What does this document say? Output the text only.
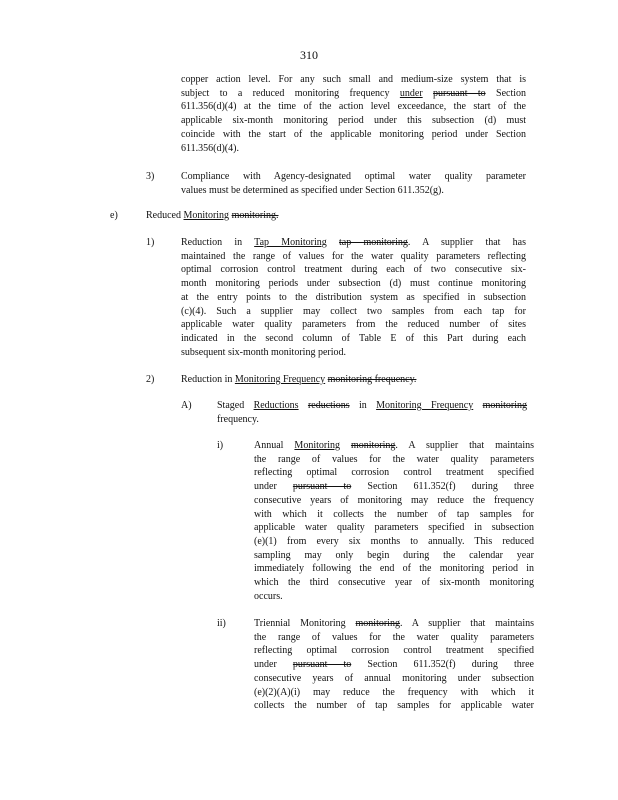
310
copper action level. For any such small and medium-size system that is
subject to a reduced monitoring frequency under pursuant to Section
611.356(d)(4) at the time of the action level exceedance, the start of the
applicable six-month monitoring period under this subsection (d) must
coincide with the start of the applicable monitoring period under Section
611.356(d)(4).
3)	Compliance with Agency-designated optimal water quality parameter
values must be determined as specified under Section 611.352(g).
e)	Reduced Monitoring monitoring.
1)	Reduction in Tap Monitoring tap monitoring. A supplier that has
maintained the range of values for the water quality parameters reflecting
optimal corrosion control treatment during each of two consecutive six-
month monitoring periods under subsection (d) must continue monitoring
at the entry points to the distribution system as specified in subsection
(c)(4). Such a supplier may collect two samples from each tap for
applicable water quality parameters from the reduced number of sites
indicated in the second column of Table E of this Part during each
subsequent six-month monitoring period.
2)	Reduction in Monitoring Frequency monitoring frequency.
A)	Staged Reductions reductions in Monitoring Frequency monitoring
frequency.
i)	Annual Monitoring monitoring. A supplier that maintains
the range of values for the water quality parameters
reflecting optimal corrosion control treatment specified
under pursuant to Section 611.352(f) during three
consecutive years of monitoring may reduce the frequency
with which it collects the number of tap samples for
applicable water quality parameters specified in subsection
(e)(1) from every six months to annually. This reduced
sampling may only begin during the calendar year
immediately following the end of the monitoring period in
which the third consecutive year of six-month monitoring
occurs.
ii)	Triennial Monitoring monitoring. A supplier that maintains
the range of values for the water quality parameters
reflecting optimal corrosion control treatment specified
under pursuant to Section 611.352(f) during three
consecutive years of annual monitoring under subsection
(e)(2)(A)(i) may reduce the frequency with which it
collects the number of tap samples for applicable water
